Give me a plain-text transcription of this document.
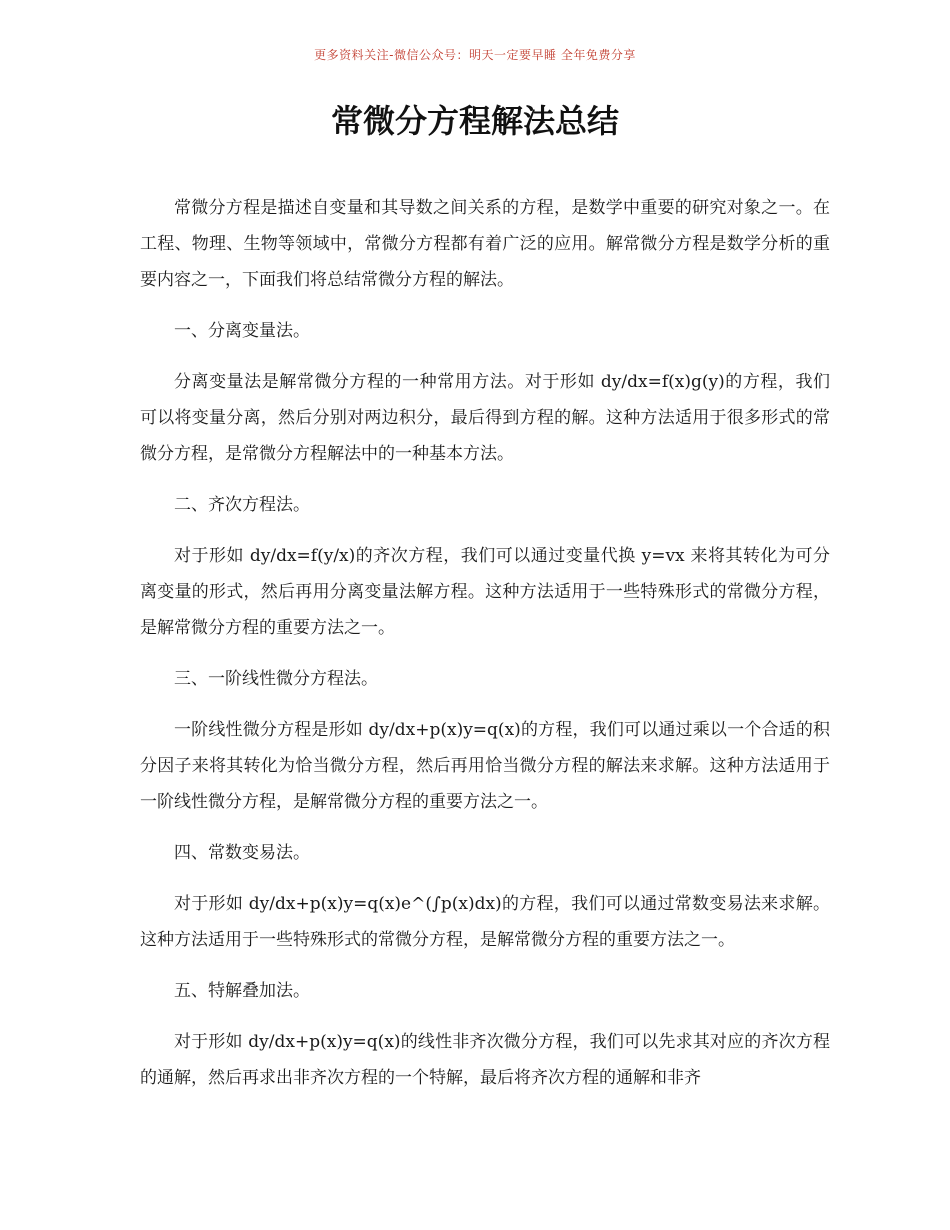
更多资料关注-微信公众号：明天一定要早睡 全年免费分享
常微分方程解法总结

常微分方程是描述自变量和其导数之间关系的方程，是数学中重要的研究对象之一。在工程、物理、生物等领域中，常微分方程都有着广泛的应用。解常微分方程是数学分析的重要内容之一，下面我们将总结常微分方程的解法。

一、分离变量法。

分离变量法是解常微分方程的一种常用方法。对于形如 dy/dx=f(x)g(y)的方程，我们可以将变量分离，然后分别对两边积分，最后得到方程的解。这种方法适用于很多形式的常微分方程，是常微分方程解法中的一种基本方法。

二、齐次方程法。

对于形如 dy/dx=f(y/x)的齐次方程，我们可以通过变量代换 y=vx 来将其转化为可分离变量的形式，然后再用分离变量法解方程。这种方法适用于一些特殊形式的常微分方程，是解常微分方程的重要方法之一。

三、一阶线性微分方程法。

一阶线性微分方程是形如 dy/dx+p(x)y=q(x)的方程，我们可以通过乘以一个合适的积分因子来将其转化为恰当微分方程，然后再用恰当微分方程的解法来求解。这种方法适用于一阶线性微分方程，是解常微分方程的重要方法之一。

四、常数变易法。

对于形如 dy/dx+p(x)y=q(x)e^(∫p(x)dx)的方程，我们可以通过常数变易法来求解。这种方法适用于一些特殊形式的常微分方程，是解常微分方程的重要方法之一。

五、特解叠加法。

对于形如 dy/dx+p(x)y=q(x)的线性非齐次微分方程，我们可以先求其对应的齐次方程的通解，然后再求出非齐次方程的一个特解，最后将齐次方程的通解和非齐
